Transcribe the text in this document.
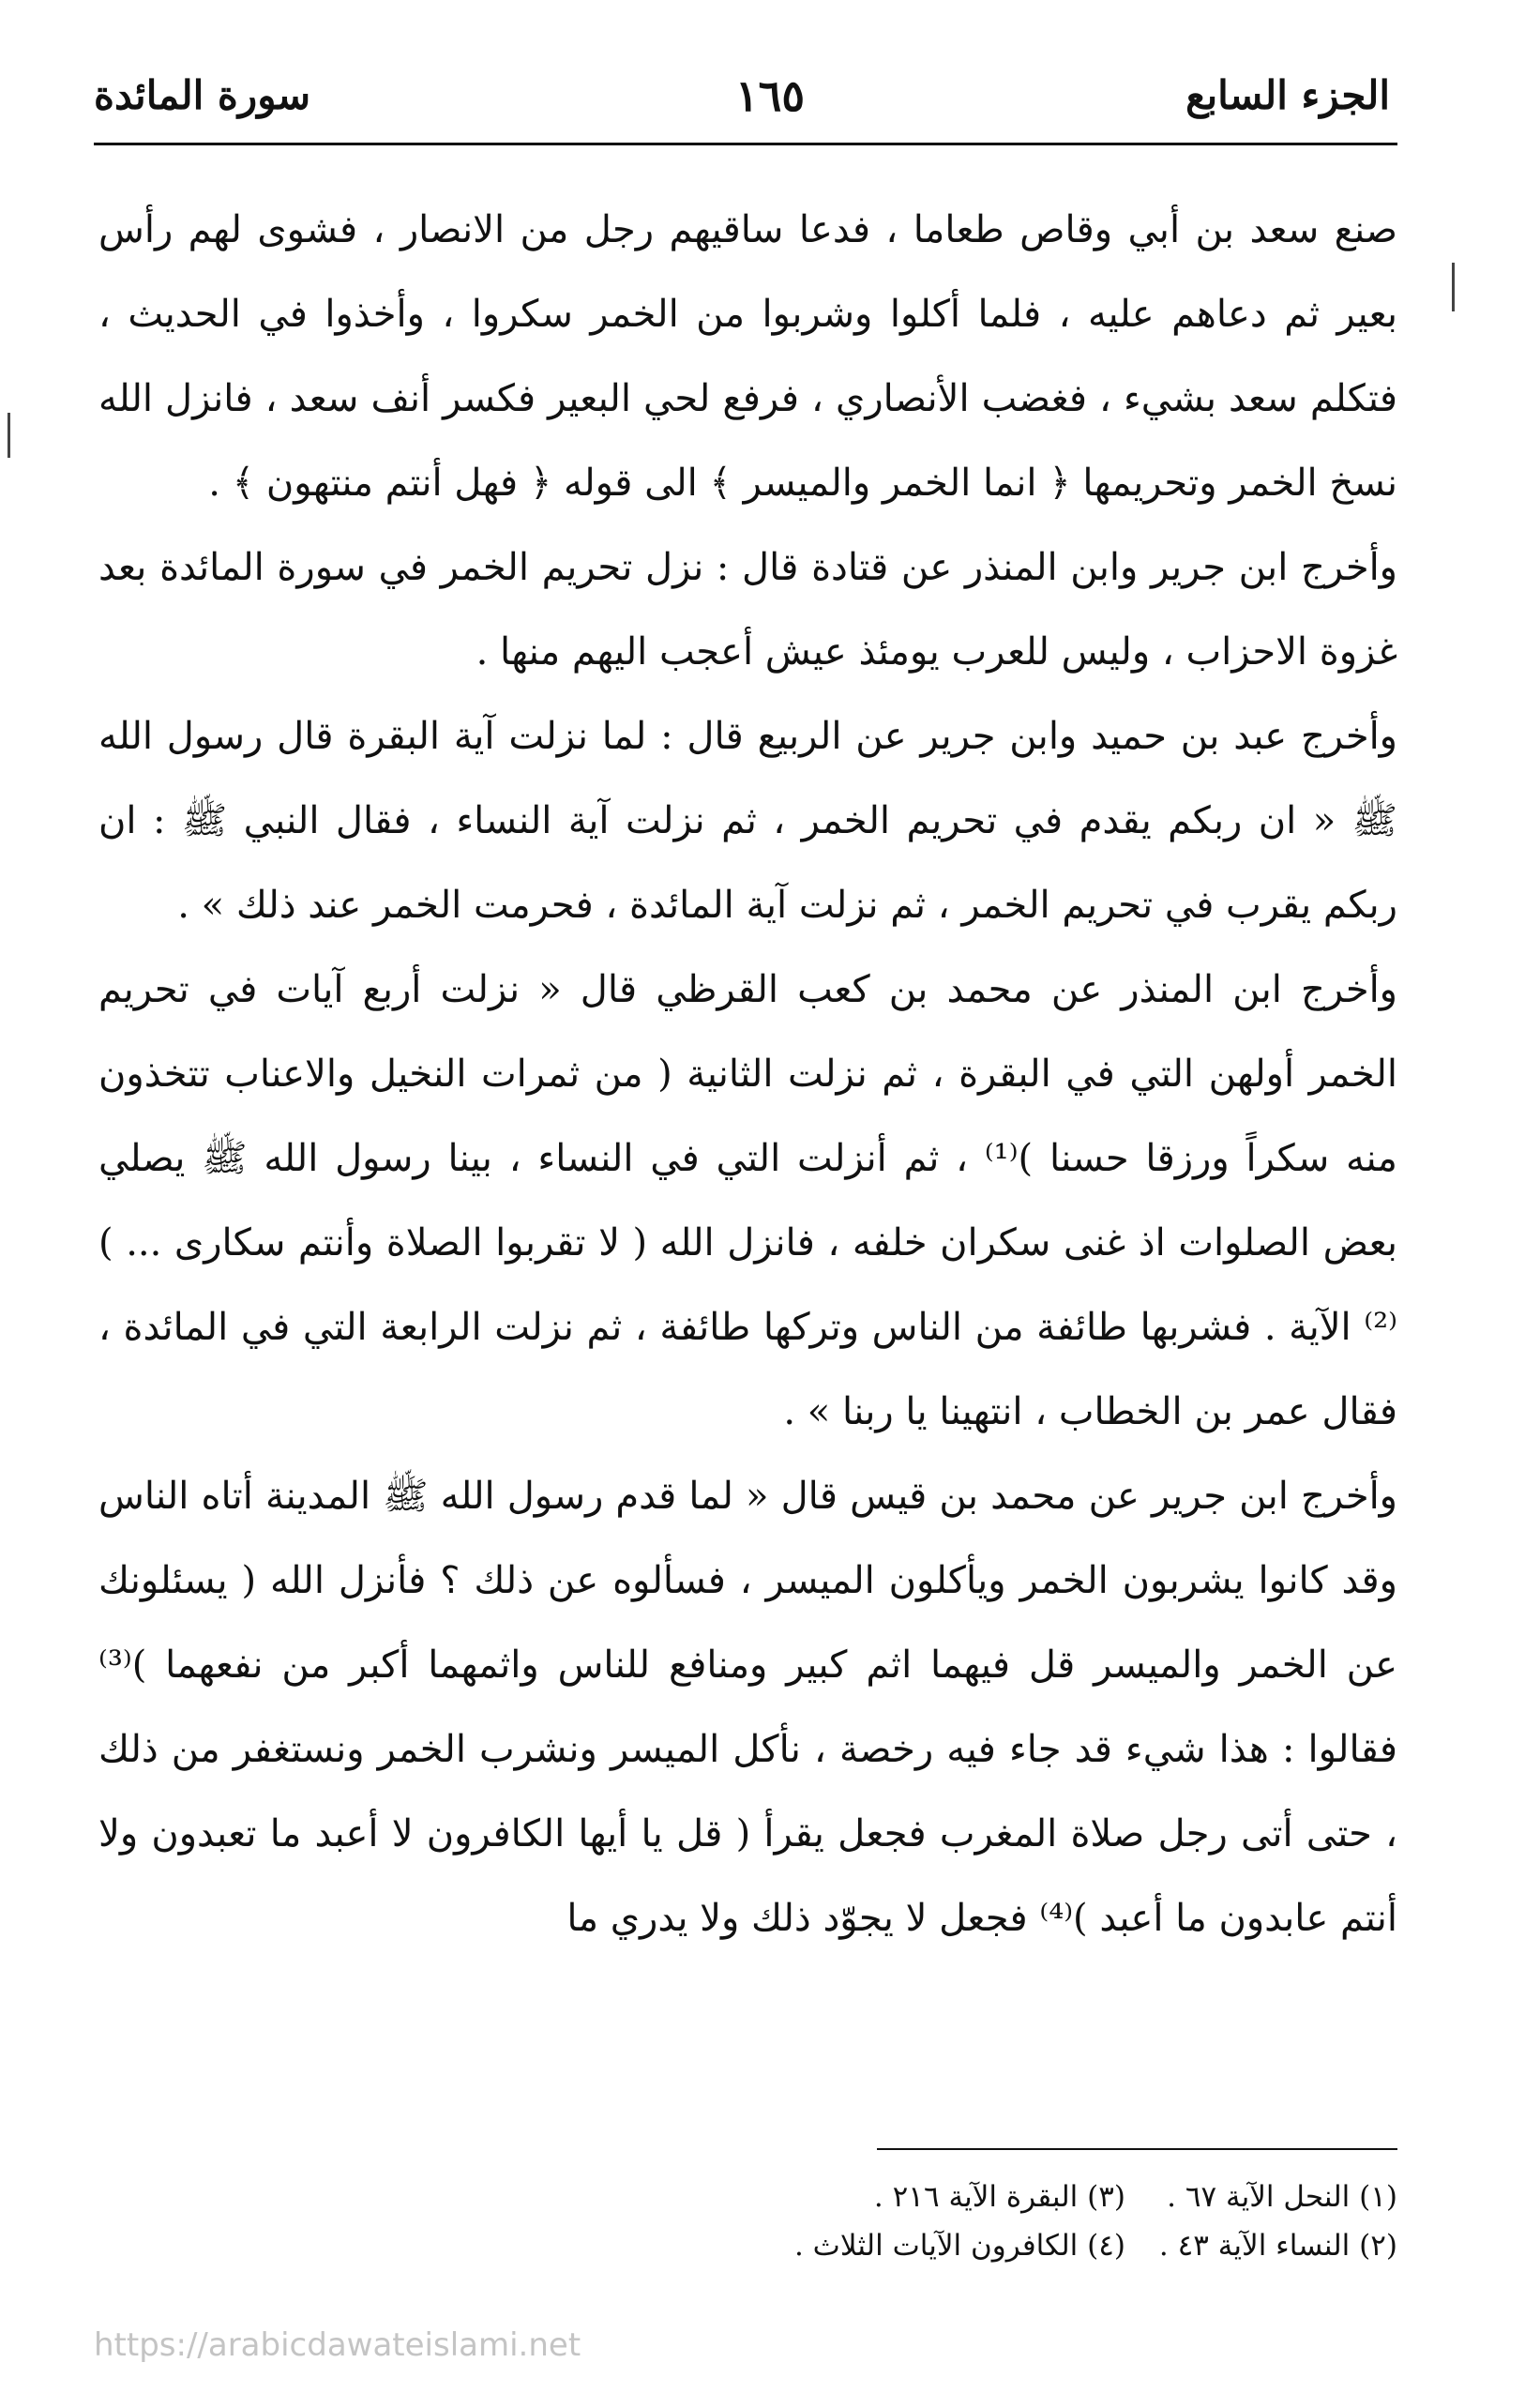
الجزء السابع
١٦٥
سورة المائدة

صنع سعد بن أبي وقاص طعاما ، فدعا ساقيهم رجل من الانصار ، فشوى لهم رأس بعير ثم دعاهم عليه ، فلما أكلوا وشربوا من الخمر سكروا ، وأخذوا في الحديث ، فتكلم سعد بشيء ، فغضب الأنصاري ، فرفع لحي البعير فكسر أنف سعد ، فانزل الله نسخ الخمر وتحريمها ﴿ انما الخمر والميسر ﴾ الى قوله ﴿ فهل أنتم منتهون ﴾ .

وأخرج ابن جرير وابن المنذر عن قتادة قال : نزل تحريم الخمر في سورة المائدة بعد غزوة الاحزاب ، وليس للعرب يومئذ عيش أعجب اليهم منها .

وأخرج عبد بن حميد وابن جرير عن الربيع قال : لما نزلت آية البقرة قال رسول الله ﷺ « ان ربكم يقدم في تحريم الخمر ، ثم نزلت آية النساء ، فقال النبي ﷺ : ان ربكم يقرب في تحريم الخمر ، ثم نزلت آية المائدة ، فحرمت الخمر عند ذلك » .

وأخرج ابن المنذر عن محمد بن كعب القرظي قال « نزلت أربع آيات في تحريم الخمر أولهن التي في البقرة ، ثم نزلت الثانية ( من ثمرات النخيل والاعناب تتخذون منه سكراً ورزقا حسنا )⁽¹⁾ ، ثم أنزلت التي في النساء ، بينا رسول الله ﷺ يصلي بعض الصلوات اذ غنى سكران خلفه ، فانزل الله ( لا تقربوا الصلاة وأنتم سكارى ... )⁽²⁾ الآية . فشربها طائفة من الناس وتركها طائفة ، ثم نزلت الرابعة التي في المائدة ، فقال عمر بن الخطاب ، انتهينا يا ربنا » .

وأخرج ابن جرير عن محمد بن قيس قال « لما قدم رسول الله ﷺ المدينة أتاه الناس وقد كانوا يشربون الخمر ويأكلون الميسر ، فسألوه عن ذلك ؟ فأنزل الله ( يسئلونك عن الخمر والميسر قل فيهما اثم كبير ومنافع للناس واثمهما أكبر من نفعهما )⁽³⁾ فقالوا : هذا شيء قد جاء فيه رخصة ، نأكل الميسر ونشرب الخمر ونستغفر من ذلك ، حتى أتى رجل صلاة المغرب فجعل يقرأ ( قل يا أيها الكافرون لا أعبد ما تعبدون ولا أنتم عابدون ما أعبد )⁽⁴⁾ فجعل لا يجوّد ذلك ولا يدري ما

(١) النحل الآية ٦٧ .
(٣) البقرة الآية ٢١٦ .
(٢) النساء الآية ٤٣ .
(٤) الكافرون الآيات الثلاث .
https://arabicdawateislami.net
